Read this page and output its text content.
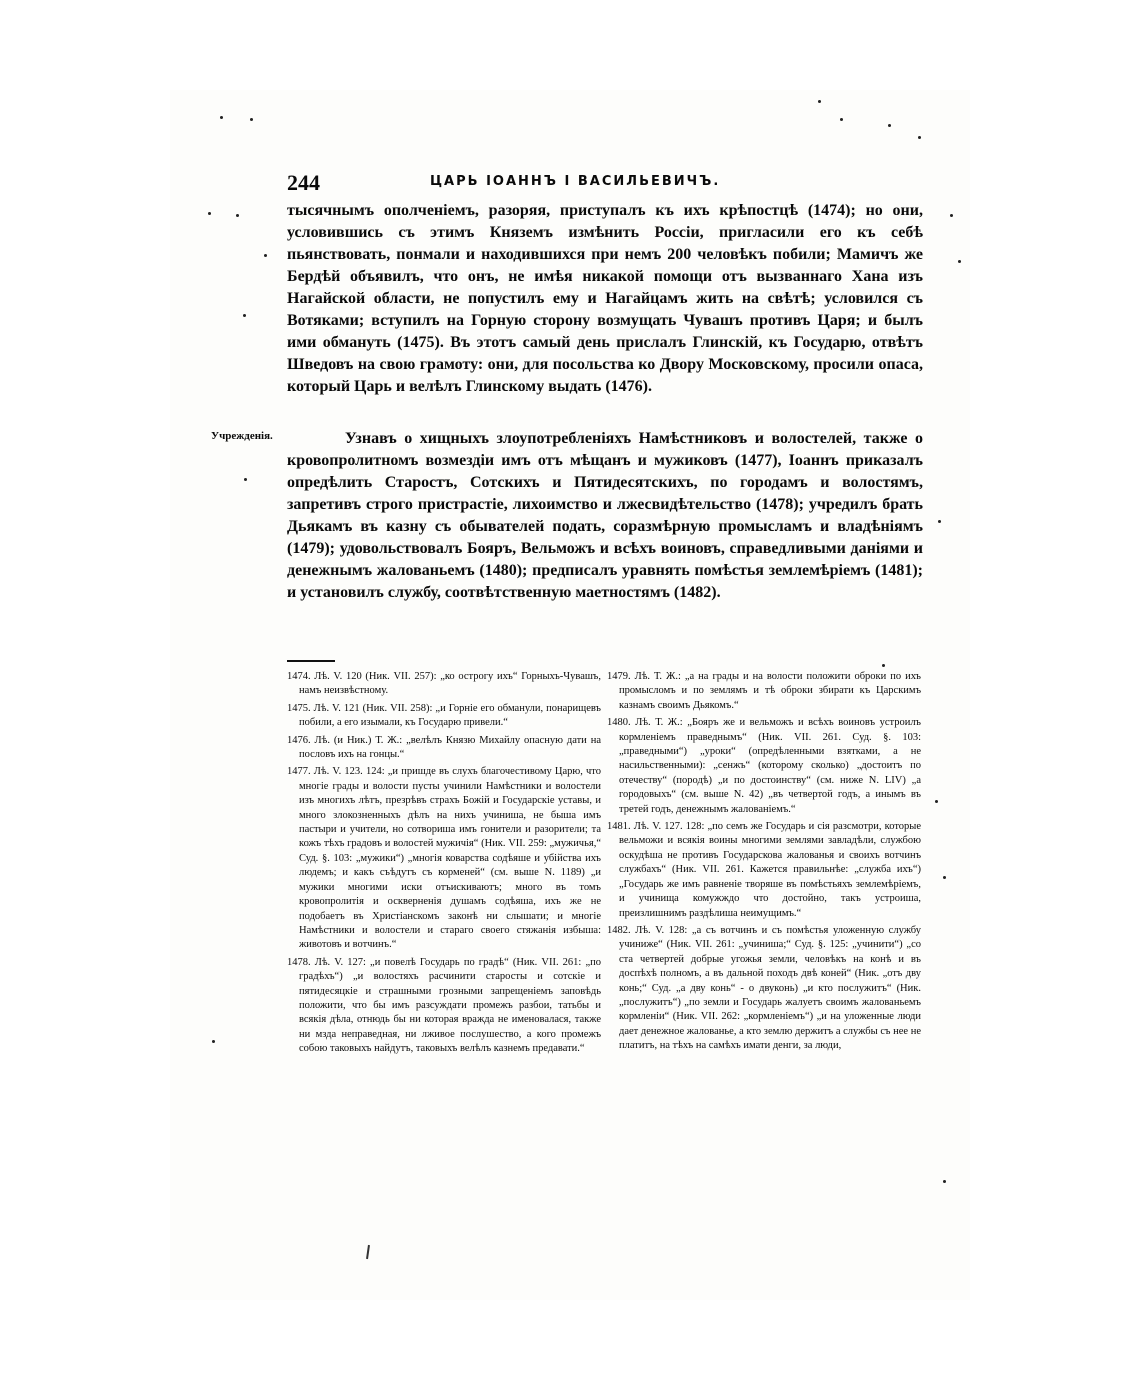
244	ЦАРЬ ІОАННЪ І ВАСИЛЬЕВИЧЪ.

тысячнымъ ополченіемъ, разоряя, приступалъ къ ихъ крѣпостцѣ (1474); но они, условившись съ этимъ Княземъ измѣнить Россіи, пригласили его къ себѣ пьянствовать, понмали и находившихся при немъ 200 человѣкъ побили; Мамичъ же Бердѣй объявилъ, что онъ, не имѣя никакой помощи отъ вызваннаго Хана изъ Нагайской области, не попустилъ ему и Нагайцамъ жить на свѣтѣ; условился съ Вотяками; вступилъ на Горную сторону возмущать Чувашъ противъ Царя; и былъ ими обмануть (1475). Въ этотъ самый день прислалъ Глинскій, къ Государю, отвѣтъ Шведовъ на свою грамоту: они, для посольства ко Двору Московскому, просили опаса, который Царь и велѣлъ Глинскому выдать (1476).

Учрежденія.	Узнавъ о хищныхъ злоупотребленіяхъ Намѣстниковъ и волостелей, также о кровопролитномъ возмездіи имъ отъ мѣщанъ и мужиковъ (1477), Іоаннъ приказалъ опредѣлить Старостъ, Сотскихъ и Пятидесятскихъ, по городамъ и волостямъ, запретивъ строго пристрастіе, лихоимство и лжесвидѣтельство (1478); учредилъ брать Дьякамъ въ казну съ обывателей подать, соразмѣрную промысламъ и владѣніямъ (1479); удовольствовалъ Бояръ, Вельможъ и всѣхъ воиновъ, справедливыми даніями и денежнымъ жалованьемъ (1480); предписалъ уравнять помѣстья землемѣріемъ (1481); и установилъ службу, соотвѣтственную маетностямъ (1482).

1474. Лѣ. V. 120 (Ник. VII. 257): „ко острогу ихъ“ Горныхъ-Чувашъ, намъ неизвѣстному.

1475. Лѣ. V. 121 (Ник. VII. 258): „и Горніе его обманули, понарищевъ побили, а его изымали, къ Государю привели.“

1476. Лѣ. (и Ник.) Т. Ж.: „велѣлъ Князю Михайлу опасную дати на пословъ ихъ на гонцы.“

1477. Лѣ. V. 123. 124: „и пришде въ слухъ благочестивому Царю, что многіе грады и волости пусты учинили Намѣстники и волостели изъ многихъ лѣтъ, презрѣвъ страхъ Божій и Государскіе уставы, и много злокозненныхъ дѣлъ на нихъ учиниша, не быша имъ пастыри и учители, но сотвориша имъ гонители и разорители; та кожъ тѣхъ градовъ и волостей мужичія“ (Ник. VII. 259: „мужичья,“ Суд. §. 103: „мужики“) „многія коварства содѣяше и убійства ихъ людемъ; и какъ съѣдутъ съ корменей“ (см. выше N. 1189) „и мужики многими иски отъискиваютъ; много въ томъ кровопролитія и оскверненія душамъ содѣяша, ихъ же не подобаетъ въ Христіанскомъ законѣ ни слышати; и многіе Намѣстники и волостели и стараго своего стяжанія избыша: животовъ и вотчинъ.“

1478. Лѣ. V. 127: „и повелѣ Государь по градѣ“ (Ник. VII. 261: „по градѣхъ“) „и волостяхъ расчинити старосты и сотскіе и пятидесяцкіе и страшными грозными запрещеніемъ заповѣдь положити, что бы имъ разсуждати промежъ разбои, татьбы и всякія дѣла, отнюдь бы ни которая вражда не именовалася, также ни мзда неправедная, ни лживое послушество, а кого промежъ собою таковыхъ найдутъ, таковыхъ велѣлъ казнемъ предавати.“

1479. Лѣ. Т. Ж.: „а на грады и на волости положити оброки по ихъ промысломъ и по землямъ и тѣ оброки збирати къ Царскимъ казнамъ своимъ Дьякомъ.“

1480. Лѣ. Т. Ж.: „Бояръ же и вельможъ и всѣхъ воиновъ устроилъ кормленіемъ праведнымъ“ (Ник. VII. 261. Суд. §. 103: „праведными“) „уроки“ (опредѣленными взятками, а не насильственными): „сенжъ“ (которому сколько) „достоитъ по отечеству“ (породѣ) „и по достоинству“ (см. ниже N. LIV) „а городовыхъ“ (см. выше N. 42) „въ четвертой годъ, а инымъ въ третей годъ, денежнымъ жалованіемъ.“

1481. Лѣ. V. 127. 128: „по семъ же Государь и сія разсмотри, которые вельможи и всякія воины многими землями завладѣли, службою оскудѣша не противъ Государскова жалованья и своихъ вотчинъ службахъ“ (Ник. VII. 261. Кажется правильнѣе: „служба ихъ“) „Государь же имъ равненіе творяше въ помѣстьяхъ землемѣріемъ, и учинища комужждо что достойно, такъ устроиша, преизлишнимъ раздѣлиша неимущимъ.“

1482. Лѣ. V. 128: „а съ вотчинъ и съ помѣстья уложенную службу учиниже“ (Ник. VII. 261: „учиниша;“ Суд. §. 125: „учинити“) „со ста четвертей добрые угожья земли, человѣкъ на конѣ и въ доспѣхѣ полномъ, а въ дальной походъ двѣ коней“ (Ник. „отъ дву конь;“ Суд. „а дву конь“ - о двуконь) „и кто послужитъ“ (Ник. „послужитъ“) „по земли и Государь жалуетъ своимъ жалованьемъ кормленіи“ (Ник. VII. 262: „кормленіемъ“) „и на уложенные люди дает денежное жалованье, а кто землю держитъ а службы съ нее не платитъ, на тѣхъ на самѣхъ имати денги, за люди,
